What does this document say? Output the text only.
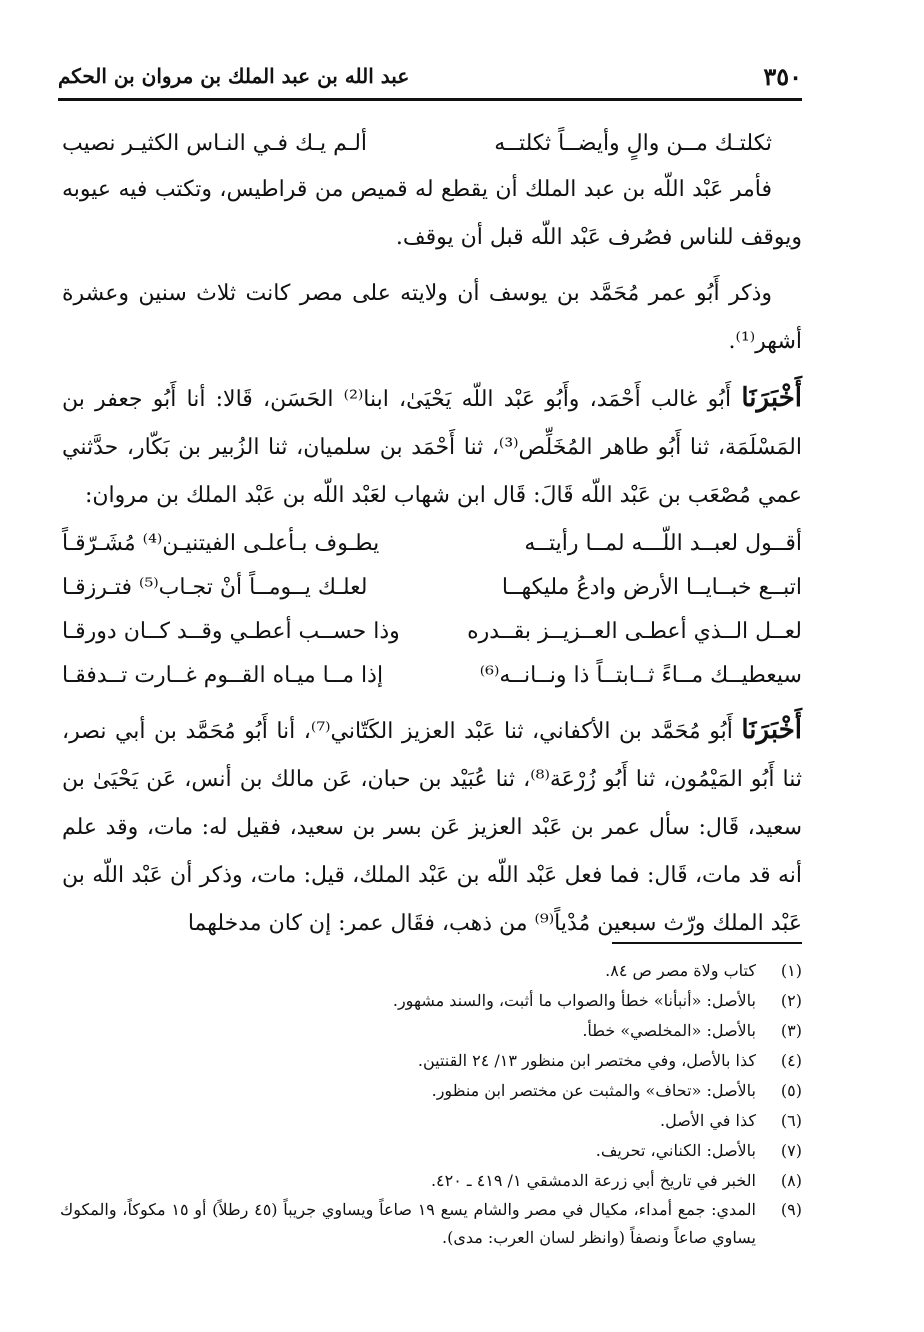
٣٥٠
عبد الله بن عبد الملك بن مروان بن الحكم
ثكلتـك مــن والٍ وأيضــاً ثكلتــه
ألـم يـك فـي النـاس الكثيـر نصيب

فأمر عَبْد اللّه بن عبد الملك أن يقطع له قميص من قراطيس، وتكتب فيه عيوبه ويوقف للناس فصُرف عَبْد اللّه قبل أن يوقف.

وذكر أَبُو عمر مُحَمَّد بن يوسف أن ولايته على مصر كانت ثلاث سنين وعشرة أشهر⁽¹⁾.

أَخْبَرَنَا أَبُو غالب أَحْمَد، وأَبُو عَبْد اللّه يَحْيَىٰ، ابنا⁽²⁾ الحَسَن، قَالا: أنا أَبُو جعفر بن المَسْلَمَة، ثنا أَبُو طاهر المُخَلِّص⁽³⁾، ثنا أَحْمَد بن سلميان، ثنا الزُبير بن بَكّار، حدَّثني عمي مُصْعَب بن عَبْد اللّه قَالَ: قَال ابن شهاب لعَبْد اللّه بن عَبْد الملك بن مروان:

أقــول لعبــد اللّـــه لمــا رأيتــه
يطـوف بـأعلـى الفيتنيـن⁽⁴⁾ مُشَـرّقـاً
اتبــع خبــايــا الأرض وادعُ مليكهــا
لعلـك يــومــاً أنْ تجـاب⁽⁵⁾ فتـرزقـا
لعــل الــذي أعطـى العــزيــز بقــدره
وذا حســب أعطـي وقــد كــان دورقـا
سيعطيــك مــاءً ثــابتــاً ذا ونــانــه⁽⁶⁾
إذا مــا ميـاه القــوم غــارت تــدفقـا

أَخْبَرَنَا أَبُو مُحَمَّد بن الأكفاني، ثنا عَبْد العزيز الكَتّاني⁽⁷⁾، أنا أَبُو مُحَمَّد بن أبي نصر، ثنا أَبُو المَيْمُون، ثنا أَبُو زُرْعَة⁽⁸⁾، ثنا عُبَيْد بن حبان، عَن مالك بن أنس، عَن يَحْيَىٰ بن سعيد، قَال: سأل عمر بن عَبْد العزيز عَن بسر بن سعيد، فقيل له: مات، وقد علم أنه قد مات، قَال: فما فعل عَبْد اللّه بن عَبْد الملك، قيل: مات، وذكر أن عَبْد اللّه بن عَبْد الملك ورّث سبعين مُدْياً⁽⁹⁾ من ذهب، فقَال عمر: إن كان مدخلهما

(١)
كتاب ولاة مصر ص ٨٤.
(٢)
بالأصل: «أنبأنا» خطأ والصواب ما أثبت، والسند مشهور.
(٣)
بالأصل: «المخلصي» خطأ.
(٤)
كذا بالأصل، وفي مختصر ابن منظور ١٣/ ٢٤ القنتين.
(٥)
بالأصل: «تحاف» والمثبت عن مختصر ابن منظور.
(٦)
كذا في الأصل.
(٧)
بالأصل: الكناني، تحريف.
(٨)
الخبر في تاريخ أبي زرعة الدمشقي ١/ ٤١٩ ـ ٤٢٠.
(٩)
المدي: جمع أمداء، مكيال في مصر والشام يسع ١٩ صاعاً ويساوي جريباً (٤٥ رطلاً) أو ١٥ مكوكاً، والمكوك يساوي صاعاً ونصفاً (وانظر لسان العرب: مدى).
